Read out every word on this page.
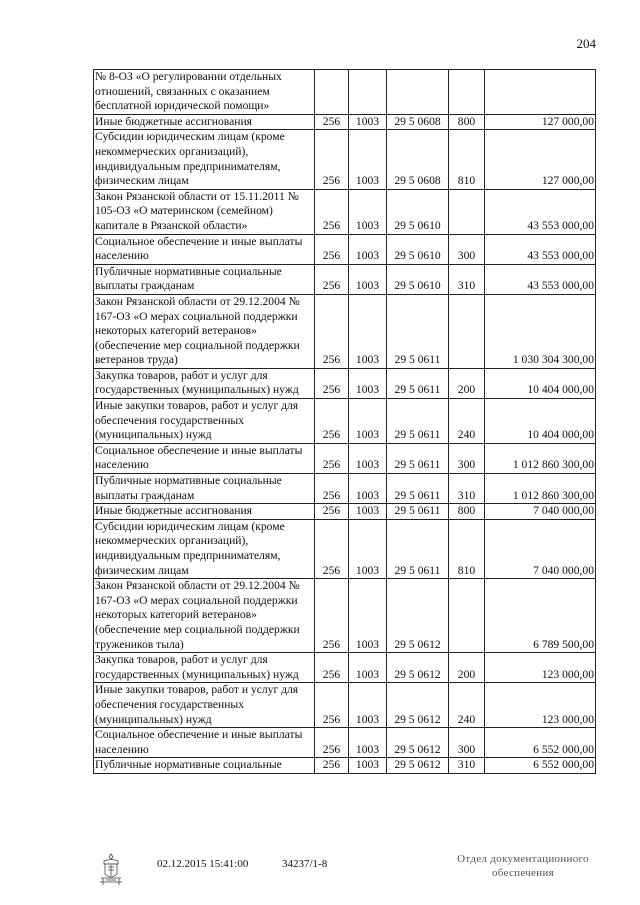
204
№ 8-ОЗ «О регулировании отдельных отношений, связанных с оказанием бесплатной юридической помощи»					
Иные бюджетные ассигнования	256	1003	29 5 0608	800	127 000,00
Субсидии юридическим лицам (кроме некоммерческих организаций), индивидуальным предпринимателям, физическим лицам	256	1003	29 5 0608	810	127 000,00
Закон Рязанской области от 15.11.2011 № 105-ОЗ «О материнском (семейном) капитале в Рязанской области»	256	1003	29 5 0610		43 553 000,00
Социальное обеспечение и иные выплаты населению	256	1003	29 5 0610	300	43 553 000,00
Публичные нормативные социальные выплаты гражданам	256	1003	29 5 0610	310	43 553 000,00
Закон Рязанской области от 29.12.2004 № 167-ОЗ «О мерах социальной поддержки некоторых категорий ветеранов» (обеспечение мер социальной поддержки ветеранов труда)	256	1003	29 5 0611		1 030 304 300,00
Закупка товаров, работ и услуг для государственных (муниципальных) нужд	256	1003	29 5 0611	200	10 404 000,00
Иные закупки товаров, работ и услуг для обеспечения государственных (муниципальных) нужд	256	1003	29 5 0611	240	10 404 000,00
Социальное обеспечение и иные выплаты населению	256	1003	29 5 0611	300	1 012 860 300,00
Публичные нормативные социальные выплаты гражданам	256	1003	29 5 0611	310	1 012 860 300,00
Иные бюджетные ассигнования	256	1003	29 5 0611	800	7 040 000,00
Субсидии юридическим лицам (кроме некоммерческих организаций), индивидуальным предпринимателям, физическим лицам	256	1003	29 5 0611	810	7 040 000,00
Закон Рязанской области от 29.12.2004 № 167-ОЗ «О мерах социальной поддержки некоторых категорий ветеранов» (обеспечение мер социальной поддержки тружеников тыла)	256	1003	29 5 0612		6 789 500,00
Закупка товаров, работ и услуг для государственных (муниципальных) нужд	256	1003	29 5 0612	200	123 000,00
Иные закупки товаров, работ и услуг для обеспечения государственных (муниципальных) нужд	256	1003	29 5 0612	240	123 000,00
Социальное обеспечение и иные выплаты населению	256	1003	29 5 0612	300	6 552 000,00
Публичные нормативные социальные	256	1003	29 5 0612	310	6 552 000,00
02.12.2015 15:41:00	34237/1-8	Отдел документационного
обеспечения
